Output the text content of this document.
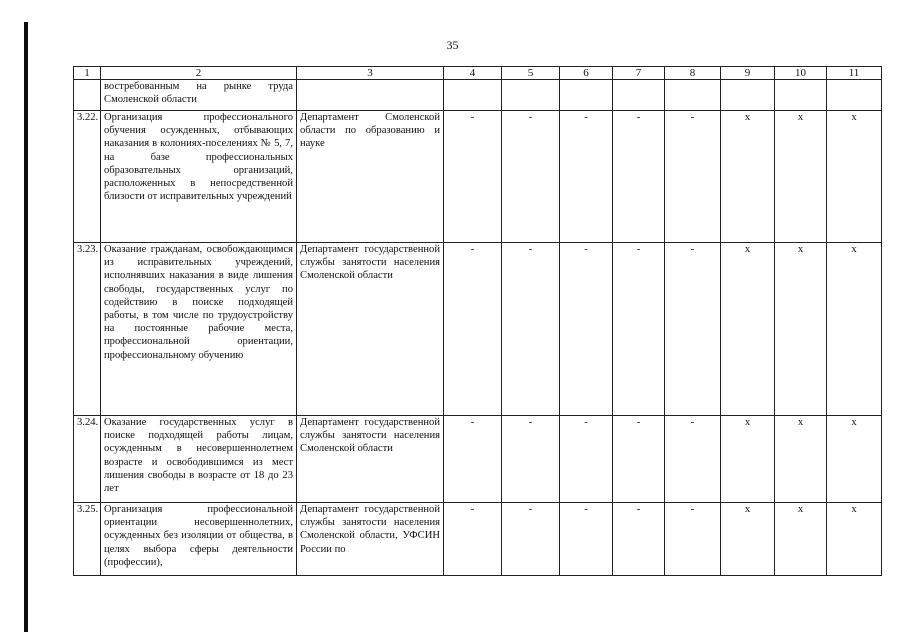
35
1	2	3	4	5	6	7	8	9	10	11
	востребованным на рынке труда Смоленской области									
3.22.	Организация профессионального обучения осужденных, отбывающих наказания в колониях-поселениях № 5, 7, на базе профессиональных образовательных организаций, расположенных в непосредственной близости от исправительных учреждений	Департамент Смоленской области по образованию и науке	-	-	-	-	-	x	x	x
3.23.	Оказание гражданам, освобождающимся из исправительных учреждений, исполнявших наказания в виде лишения свободы, государственных услуг по содействию в поиске подходящей работы, в том числе по трудоустройству на постоянные рабочие места, профессиональной ориентации, профессиональному обучению	Департамент государственной службы занятости населения Смоленской области	-	-	-	-	-	x	x	x
3.24.	Оказание государственных услуг в поиске подходящей работы лицам, осужденным в несовершеннолетнем возрасте и освободившимся из мест лишения свободы в возрасте от 18 до 23 лет	Департамент государственной службы занятости населения Смоленской области	-	-	-	-	-	x	x	x
3.25.	Организация профессиональной ориентации несовершеннолетних, осужденных без изоляции от общества, в целях выбора сферы деятельности (профессии),	Департамент государственной службы занятости населения Смоленской области, УФСИН России по	-	-	-	-	-	x	x	x
